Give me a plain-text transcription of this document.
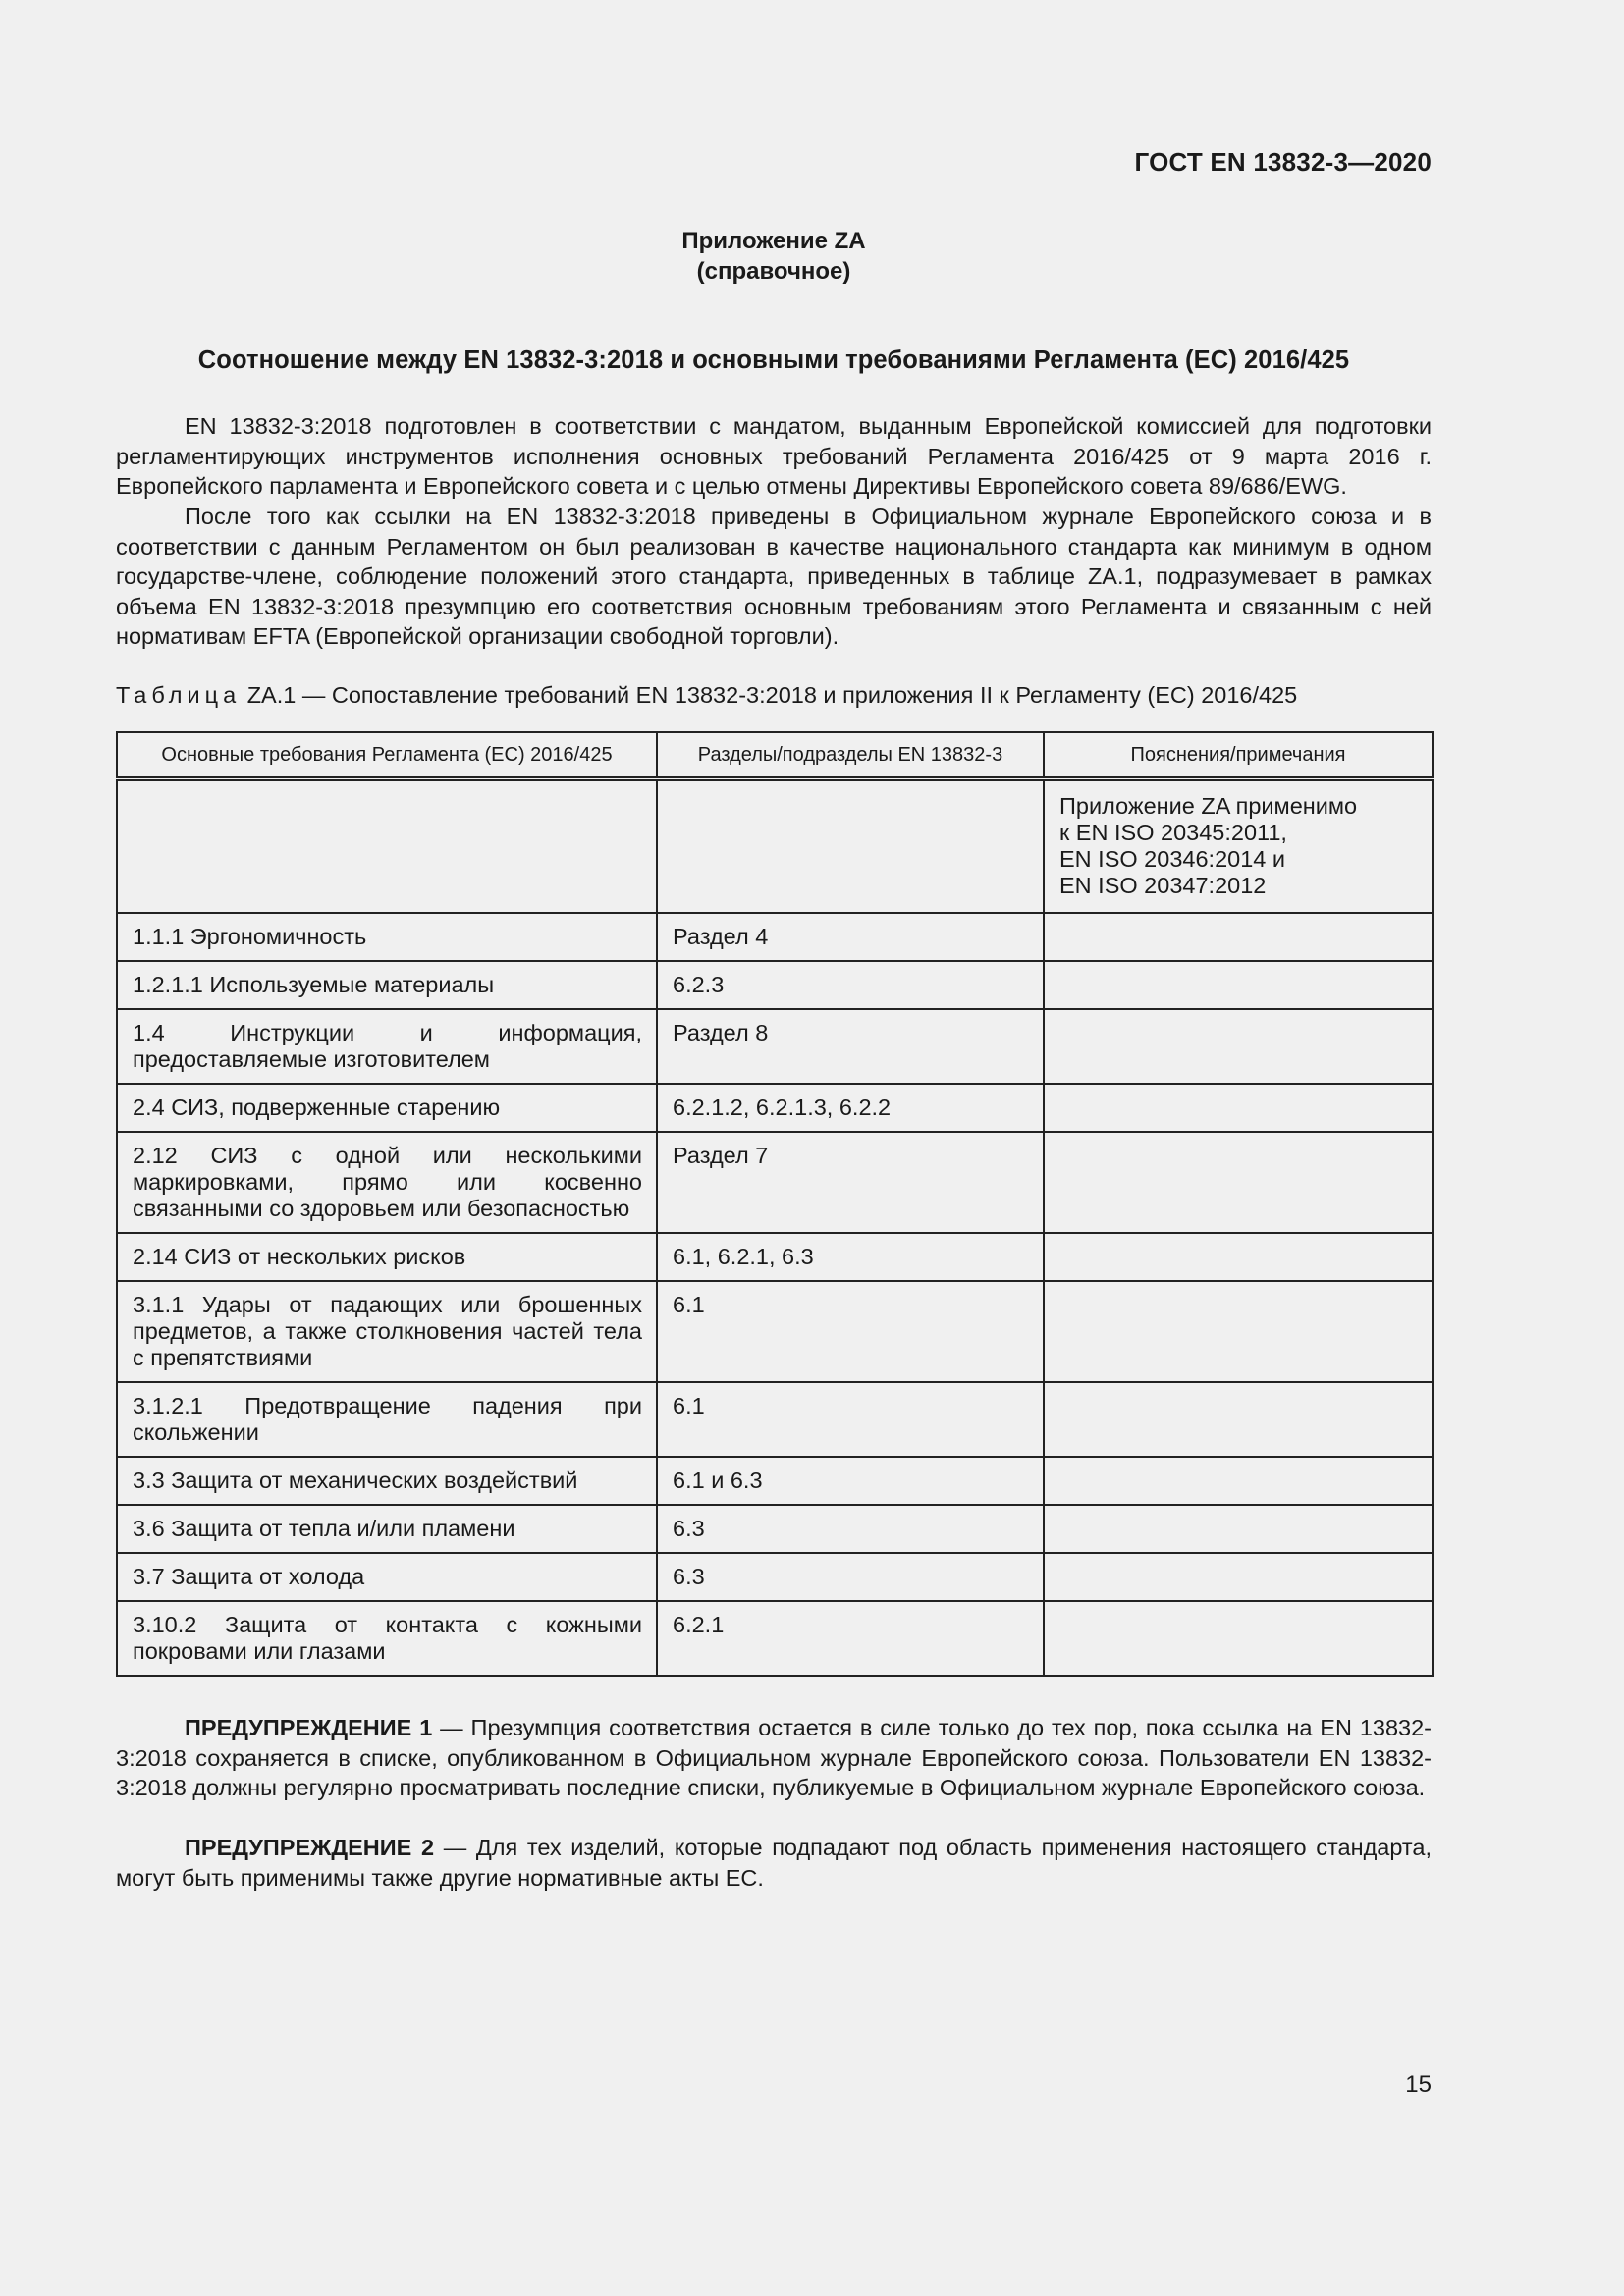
ГОСТ EN 13832-3—2020
Приложение ZA
(справочное)
Соотношение между EN 13832-3:2018 и основными требованиями Регламента (ЕС) 2016/425

EN 13832-3:2018 подготовлен в соответствии с мандатом, выданным Европейской комиссией для подготовки регламентирующих инструментов исполнения основных требований Регламента 2016/425 от 9 марта 2016 г. Европейского парламента и Европейского совета и с целью отмены Директивы Европейского совета 89/686/EWG.

После того как ссылки на EN 13832-3:2018 приведены в Официальном журнале Европейского союза и в соответствии с данным Регламентом он был реализован в качестве национального стандарта как минимум в одном государстве-члене, соблюдение положений этого стандарта, приведенных в таблице ZA.1, подразумевает в рамках объема EN 13832-3:2018 презумпцию его соответствия основным требованиям этого Регламента и связанным с ней нормативам EFTA (Европейской организации свободной торговли).

Таблица ZA.1 — Сопоставление требований EN 13832-3:2018 и приложения II к Регламенту (ЕС) 2016/425
Основные требования Регламента (ЕС) 2016/425	Разделы/подразделы EN 13832-3	Пояснения/примечания
		Приложение ZA применимо
к EN ISO 20345:2011,
EN ISO 20346:2014 и
EN ISO 20347:2012
1.1.1 Эргономичность	Раздел 4	
1.2.1.1 Используемые материалы	6.2.3	
1.4 Инструкции и информация, предоставляемые изготовителем	Раздел 8	
2.4 СИЗ, подверженные старению	6.2.1.2, 6.2.1.3, 6.2.2	
2.12 СИЗ с одной или несколькими маркировками, прямо или косвенно связанными со здоровьем или безопасностью	Раздел 7	
2.14 СИЗ от нескольких рисков	6.1, 6.2.1, 6.3	
3.1.1 Удары от падающих или брошенных предметов, а также столкновения частей тела с препятствиями	6.1	
3.1.2.1 Предотвращение падения при скольжении	6.1	
3.3 Защита от механических воздействий	6.1 и 6.3	
3.6 Защита от тепла и/или пламени	6.3	
3.7 Защита от холода	6.3	
3.10.2 Защита от контакта с кожными покровами или глазами	6.2.1	

ПРЕДУПРЕЖДЕНИЕ 1 — Презумпция соответствия остается в силе только до тех пор, пока ссылка на EN 13832-3:2018 сохраняется в списке, опубликованном в Официальном журнале Европейского союза. Пользователи EN 13832-3:2018 должны регулярно просматривать последние списки, публикуемые в Официальном журнале Европейского союза.

ПРЕДУПРЕЖДЕНИЕ 2 — Для тех изделий, которые подпадают под область применения настоящего стандарта, могут быть применимы также другие нормативные акты ЕС.

15
